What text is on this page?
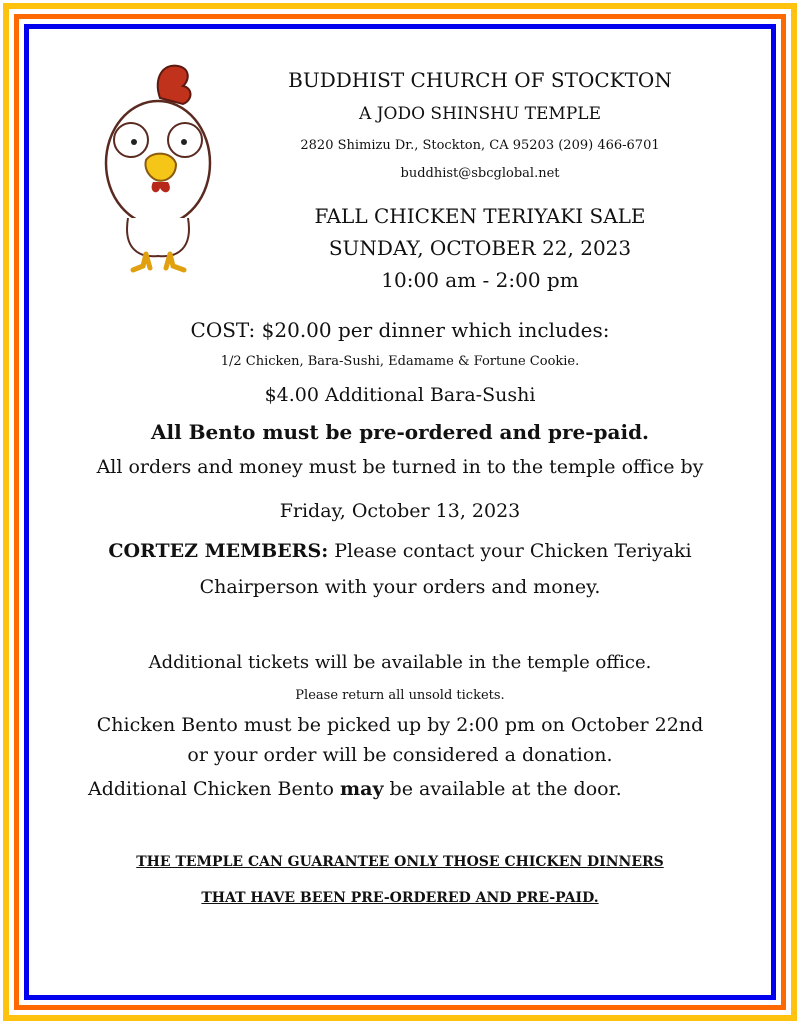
BUDDHIST CHURCH OF STOCKTON
A JODO SHINSHU TEMPLE
2820 Shimizu Dr., Stockton, CA 95203 (209) 466-6701
buddhist@sbcglobal.net
FALL CHICKEN TERIYAKI SALE
SUNDAY, OCTOBER 22, 2023
10:00 am - 2:00 pm
COST: $20.00 per dinner which includes:
1/2 Chicken, Bara-Sushi, Edamame & Fortune Cookie.
$4.00 Additional Bara-Sushi
All Bento must be pre-ordered and pre-paid.
All orders and money must be turned in to the temple office by
Friday, October 13, 2023
CORTEZ MEMBERS: Please contact your Chicken Teriyaki
Chairperson with your orders and money.
Additional tickets will be available in the temple office.
Please return all unsold tickets.
Chicken Bento must be picked up by 2:00 pm on October 22nd
or your order will be considered a donation.
Additional Chicken Bento may be available at the door.
THE TEMPLE CAN GUARANTEE ONLY THOSE CHICKEN DINNERS
THAT HAVE BEEN PRE-ORDERED AND PRE-PAID.
